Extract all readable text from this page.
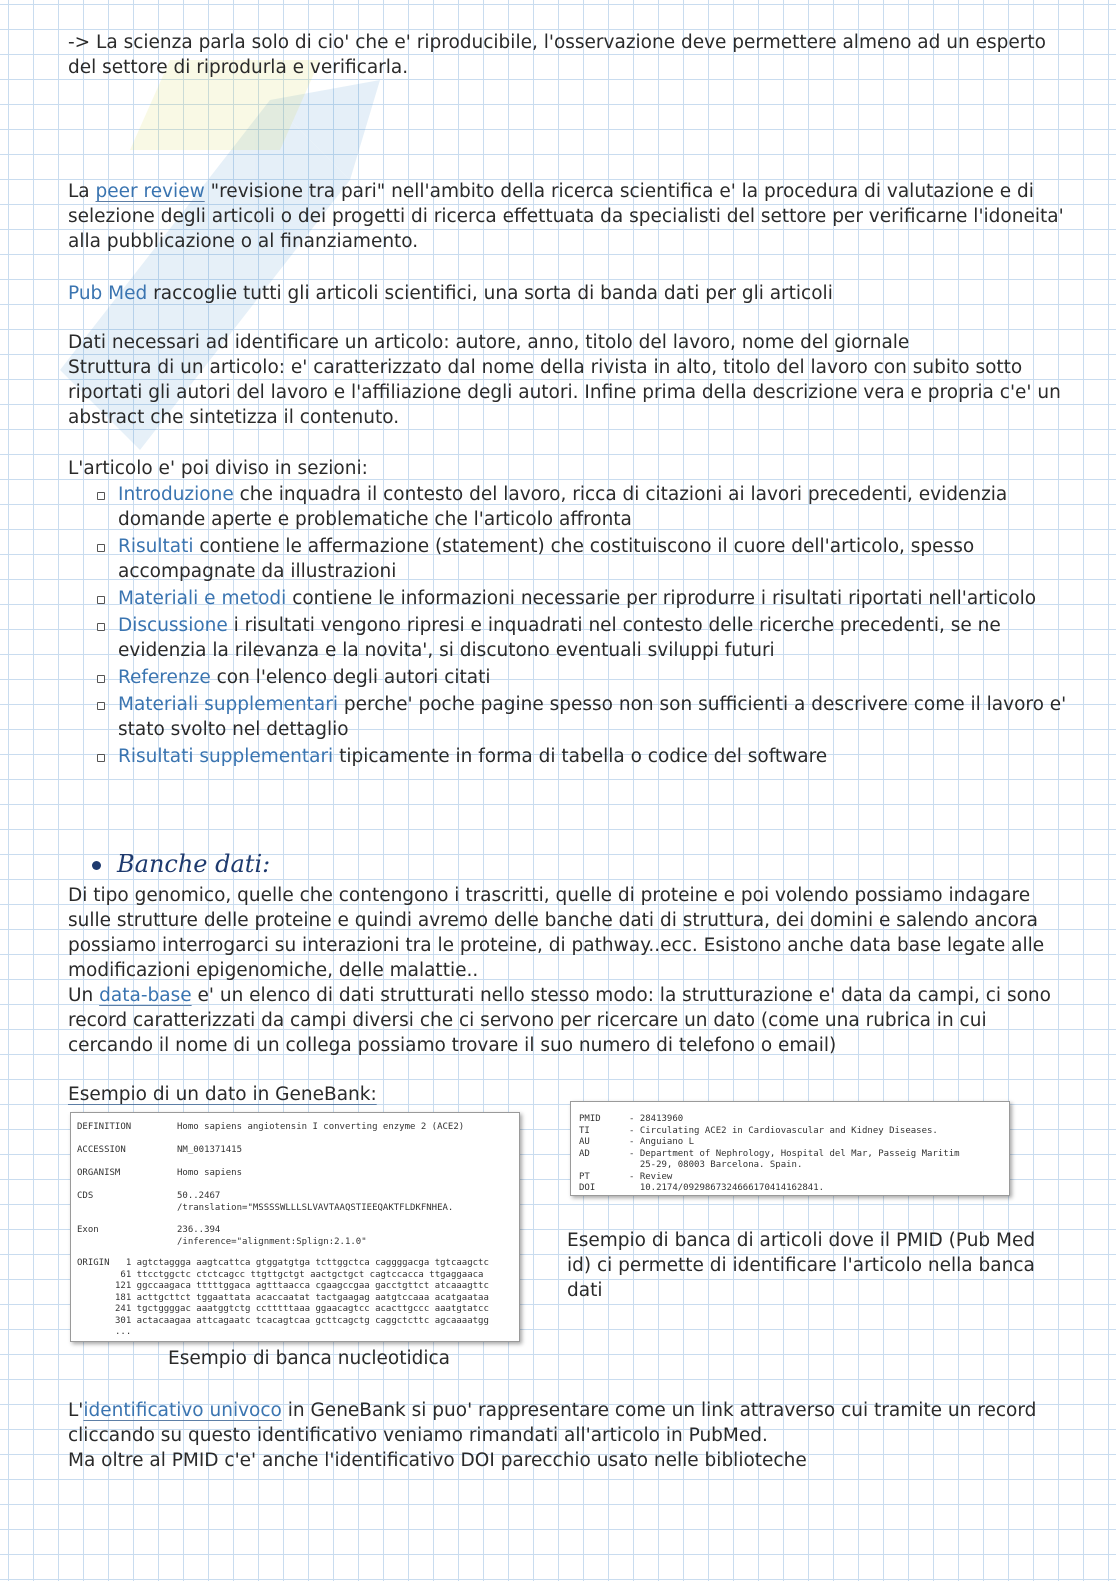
-> La scienza parla solo di cio' che e' riproducibile, l'osservazione deve permettere almeno ad un esperto del settore di riprodurla e verificarla.
La peer review "revisione tra pari" nell'ambito della ricerca scientifica e' la procedura di valutazione e di selezione degli articoli o dei progetti di ricerca effettuata da specialisti del settore per verificarne l'idoneita' alla pubblicazione o al finanziamento.
Pub Med raccoglie tutti gli articoli scientifici, una sorta di banda dati per gli articoli
Dati necessari ad identificare un articolo: autore, anno, titolo del lavoro, nome del giornale
Struttura di un articolo: e' caratterizzato dal nome della rivista in alto, titolo del lavoro con subito sotto riportati gli autori del lavoro e l'affiliazione degli autori. Infine prima della descrizione vera e propria c'e' un abstract che sintetizza il contenuto.
L'articolo e' poi diviso in sezioni:
Introduzione che inquadra il contesto del lavoro, ricca di citazioni ai lavori precedenti, evidenzia domande aperte e problematiche che l'articolo affronta
Risultati contiene le affermazione (statement) che costituiscono il cuore dell'articolo, spesso accompagnate da illustrazioni
Materiali e metodi contiene le informazioni necessarie per riprodurre i risultati riportati nell'articolo
Discussione i risultati vengono ripresi e inquadrati nel contesto delle ricerche precedenti, se ne evidenzia la rilevanza e la novita', si discutono eventuali sviluppi futuri
Referenze con l'elenco degli autori citati
Materiali supplementari perche' poche pagine spesso non son sufficienti a descrivere come il lavoro e' stato svolto nel dettaglio
Risultati supplementari tipicamente in forma di tabella o codice del software
Banche dati:
Di tipo genomico, quelle che contengono i trascritti, quelle di proteine e poi volendo possiamo indagare sulle strutture delle proteine e quindi avremo delle banche dati di struttura, dei domini e salendo ancora possiamo interrogarci su interazioni tra le proteine, di pathway..ecc. Esistono anche data base legate alle modificazioni epigenomiche, delle malattie..
Un data-base e' un elenco di dati strutturati nello stesso modo: la strutturazione e' data da campi, ci sono record caratterizzati da campi diversi che ci servono per ricercare un dato (come una rubrica in cui cercando il nome di un collega possiamo trovare il suo numero di telefono o email)
Esempio di un dato in GeneBank:
DEFINITION	Homo sapiens angiotensin I converting enzyme 2 (ACE2)
ACCESSION	NM_001371415
ORGANISM	Homo sapiens
CDS	50..2467
/translation="MSSSSWLLLSLVAVTAAQSTIEEQAKTFLDKFNHEA.
Exon	236..394
/inference="alignment:Splign:2.1.0"
ORIGIN 1 agtctaggga aagtcattca gtggatgtga tcttggctca caggggacga tgtcaagctc
61 ttcctggctc ctctcagcc ttgttgctgt aactgctgct cagtccacca ttgaggaaca
121 ggccaagaca tttttggaca agtttaacca cgaagccgaa gacctgttct atcaaagttc
181 acttgcttct tggaattata acaccaatat tactgaagag aatgtccaaa acatgaataa
241 tgctggggac aaatggtctg cctttttaaa ggaacagtcc acacttgccc aaatgtatcc
301 actacaagaa attcagaatc tcacagtcaa gcttcagctg caggctcttc agcaaaatgg
...
Esempio di banca nucleotidica
PMID	- 28413960
TI	- Circulating ACE2 in Cardiovascular and Kidney Diseases.
AU	- Anguiano L
AD	- Department of Nephrology, Hospital del Mar, Passeig Maritim
25-29, 08003 Barcelona. Spain.
PT	- Review
DOI	10.2174/0929867324666170414162841.
Esempio di banca di articoli dove il PMID (Pub Med id) ci permette di identificare l'articolo nella banca dati
L'identificativo univoco in GeneBank si puo' rappresentare come un link attraverso cui tramite un record cliccando su questo identificativo veniamo rimandati all'articolo in PubMed.
Ma oltre al PMID c'e' anche l'identificativo DOI parecchio usato nelle biblioteche
